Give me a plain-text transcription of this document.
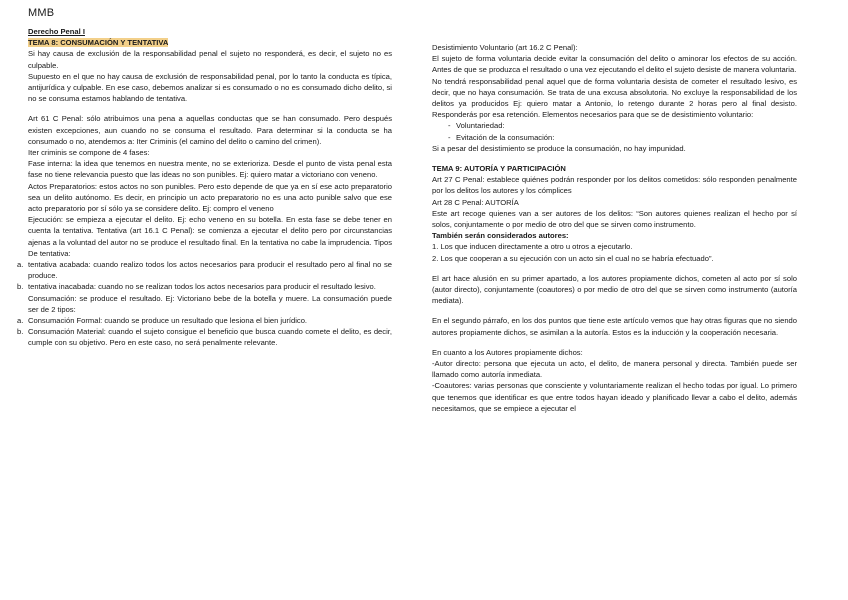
MMB

Derecho Penal I

TEMA 8: CONSUMACIÓN Y TENTATIVA

Si hay causa de exclusión de la responsabilidad penal el sujeto no responderá, es decir, el sujeto no es culpable.

Supuesto en el que no hay causa de exclusión de responsabilidad penal, por lo tanto la conducta es típica, antijurídica y culpable. En ese caso, debemos analizar si es consumado o no es consumado dicho delito, si no se consuma estamos hablando de tentativa.

Art 61 C Penal: sólo atribuimos una pena a aquellas conductas que se han consumado. Pero después existen excepciones, aun cuando no se consuma el resultado. Para determinar si la conducta se ha consumado o no, atendemos a: Iter Criminis (el camino del delito o camino del crimen).

Iter criminis se compone de 4 fases:

Fase interna: la idea que tenemos en nuestra mente, no se exterioriza. Desde el punto de vista penal esta fase no tiene relevancia puesto que las ideas no son punibles. Ej: quiero matar a victoriano con veneno.

Actos Preparatorios: estos actos no son punibles. Pero esto depende de que ya en sí ese acto preparatorio sea un delito autónomo. Es decir, en principio un acto preparatorio no es una acto punible salvo que ese acto preparatorio por sí sólo ya se considere delito. Ej: compro el veneno

Ejecución: se empieza a ejecutar el delito. Ej: echo veneno en su botella. En esta fase se debe tener en cuenta la tentativa. Tentativa (art 16.1 C Penal): se comienza a ejecutar el delito pero por circunstancias ajenas a la voluntad del autor no se produce el resultado final. En la tentativa no cabe la imprudencia. Tipos De tentativa:

a. tentativa acabada: cuando realizo todos los actos necesarios para producir el resultado pero al final no se produce.
b. tentativa inacabada: cuando no se realizan todos los actos necesarios para producir el resultado lesivo.

Consumación: se produce el resultado. Ej: Victoriano bebe de la botella y muere. La consumación puede ser de 2 tipos:

a. Consumación Formal: cuando se produce un resultado que lesiona el bien jurídico.
b. Consumación Material: cuando el sujeto consigue el beneficio que busca cuando comete el delito, es decir, cumple con su objetivo. Pero en este caso, no será penalmente relevante.

Desistimiento Voluntario (art 16.2 C Penal):

El sujeto de forma voluntaria decide evitar la consumación del delito o aminorar los efectos de su acción. Antes de que se produzca el resultado o una vez ejecutando el delito el sujeto desiste de manera voluntaria.

No tendrá responsabilidad penal aquel que de forma voluntaria desista de cometer el resultado lesivo, es decir, que no haya consumación. Se trata de una excusa absolutoria. No excluye la responsabilidad de los delitos ya producidos Ej: quiero matar a Antonio, lo retengo durante 2 horas pero al final desisto. Responderás por esa retención. Elementos necesarios para que se de desistimiento voluntario:

- Voluntariedad:
- Evitación de la consumación:

Si a pesar del desistimiento se produce la consumación, no hay impunidad.

TEMA 9: AUTORÍA Y PARTICIPACIÓN

Art 27 C Penal: establece quiénes podrán responder por los delitos cometidos: sólo responden penalmente por los delitos los autores y los cómplices

Art 28 C Penal: AUTORÍA

Este art recoge quienes van a ser autores de los delitos: “Son autores quienes realizan el hecho por sí solos, conjuntamente o por medio de otro del que se sirven como instrumento.

También serán considerados autores:

1. Los que inducen directamente a otro u otros a ejecutarlo.

2. Los que cooperan a su ejecución con un acto sin el cual no se habría efectuado”.

El art hace alusión en su primer apartado, a los autores propiamente dichos, cometen al acto por sí solo (autor directo), conjuntamente (coautores) o por medio de otro del que se sirven como instrumento (autoría mediata).

En el segundo párrafo, en los dos puntos que tiene este artículo vemos que hay otras figuras que no siendo autores propiamente dichos, se asimilan a la autoría. Estos es la inducción y la cooperación necesaria.

En cuanto a los Autores propiamente dichos:

-Autor directo: persona que ejecuta un acto, el delito, de manera personal y directa. También puede ser llamado como autoría inmediata.

-Coautores: varias personas que consciente y voluntariamente realizan el hecho todas por igual. Lo primero que tenemos que identificar es que entre todos hayan ideado y planificado llevar a cabo el delito, además necesitamos, que se empiece a ejecutar el
